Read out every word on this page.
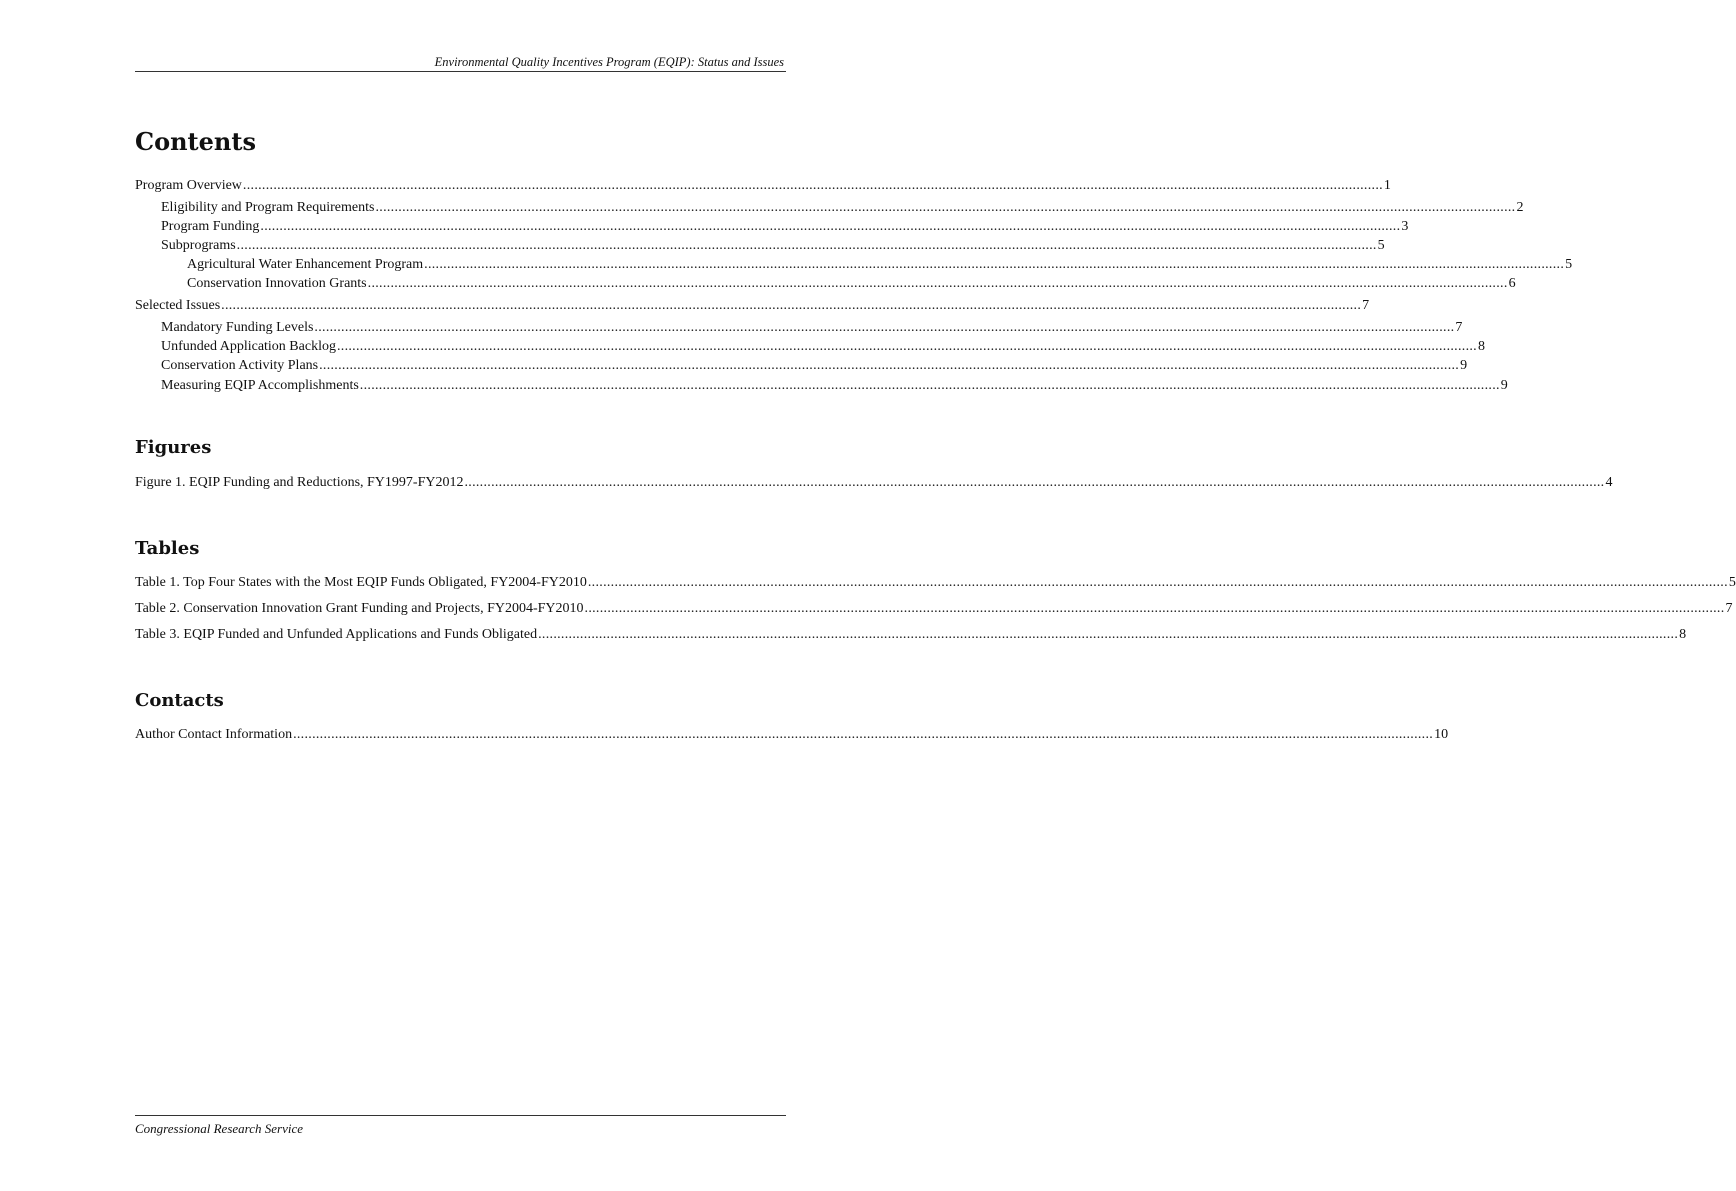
Environmental Quality Incentives Program (EQIP): Status and Issues
Contents
Program Overview ............................................................................................................................................................................................................................................................................................................ 1
Eligibility and Program Requirements ............................................................................................................................................................................................................................................................................................................ 2
Program Funding ............................................................................................................................................................................................................................................................................................................ 3
Subprograms ............................................................................................................................................................................................................................................................................................................ 5
Agricultural Water Enhancement Program ............................................................................................................................................................................................................................................................................................................ 5
Conservation Innovation Grants ............................................................................................................................................................................................................................................................................................................ 6
Selected Issues ............................................................................................................................................................................................................................................................................................................ 7
Mandatory Funding Levels ............................................................................................................................................................................................................................................................................................................ 7
Unfunded Application Backlog ............................................................................................................................................................................................................................................................................................................ 8
Conservation Activity Plans ............................................................................................................................................................................................................................................................................................................ 9
Measuring EQIP Accomplishments ............................................................................................................................................................................................................................................................................................................ 9
Figures
Figure 1. EQIP Funding and Reductions, FY1997-FY2012 ............................................................................................................................................................................................................................................................................................................ 4
Tables
Table 1. Top Four States with the Most EQIP Funds Obligated, FY2004-FY2010 ............................................................................................................................................................................................................................................................................................................ 5
Table 2. Conservation Innovation Grant Funding and Projects, FY2004-FY2010 ............................................................................................................................................................................................................................................................................................................ 7
Table 3. EQIP Funded and Unfunded Applications and Funds Obligated ............................................................................................................................................................................................................................................................................................................ 8
Contacts
Author Contact Information ............................................................................................................................................................................................................................................................................................................ 10
Congressional Research Service
